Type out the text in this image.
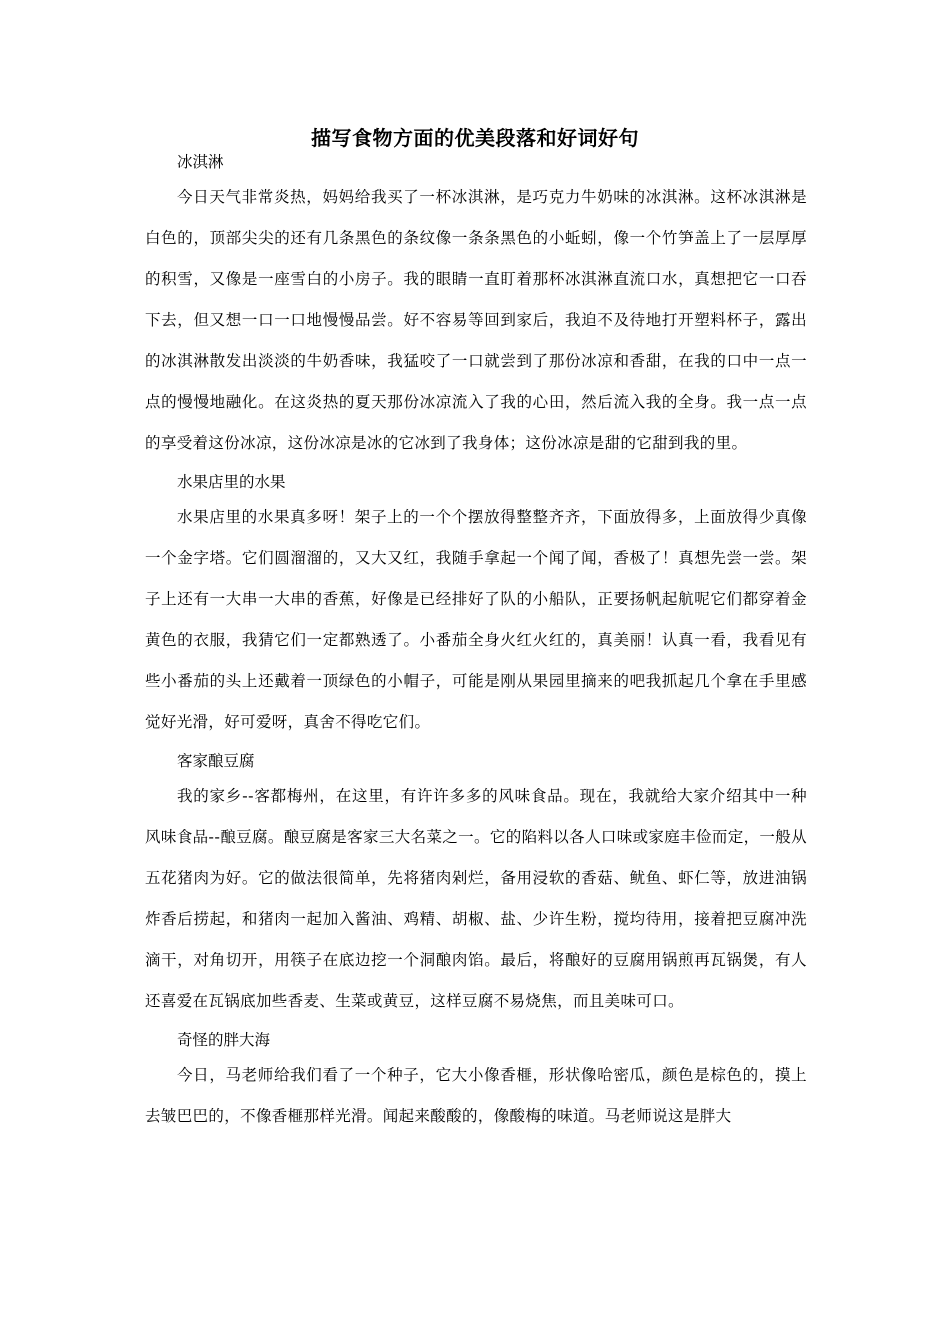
描写食物方面的优美段落和好词好句
冰淇淋

今日天气非常炎热，妈妈给我买了一杯冰淇淋，是巧克力牛奶味的冰淇淋。这杯冰淇淋是白色的，顶部尖尖的还有几条黑色的条纹像一条条黑色的小蚯蚓，像一个竹笋盖上了一层厚厚的积雪，又像是一座雪白的小房子。我的眼睛一直盯着那杯冰淇淋直流口水，真想把它一口吞下去，但又想一口一口地慢慢品尝。好不容易等回到家后，我迫不及待地打开塑料杯子，露出的冰淇淋散发出淡淡的牛奶香味，我猛咬了一口就尝到了那份冰凉和香甜，在我的口中一点一点的慢慢地融化。在这炎热的夏天那份冰凉流入了我的心田，然后流入我的全身。我一点一点的享受着这份冰凉，这份冰凉是冰的它冰到了我身体；这份冰凉是甜的它甜到我的里。

水果店里的水果

水果店里的水果真多呀！架子上的一个个摆放得整整齐齐，下面放得多，上面放得少真像一个金字塔。它们圆溜溜的，又大又红，我随手拿起一个闻了闻，香极了！真想先尝一尝。架子上还有一大串一大串的香蕉，好像是已经排好了队的小船队，正要扬帆起航呢它们都穿着金黄色的衣服，我猜它们一定都熟透了。小番茄全身火红火红的，真美丽！认真一看，我看见有些小番茄的头上还戴着一顶绿色的小帽子，可能是刚从果园里摘来的吧我抓起几个拿在手里感觉好光滑，好可爱呀，真舍不得吃它们。

客家酿豆腐

我的家乡--客都梅州，在这里，有许许多多的风味食品。现在，我就给大家介绍其中一种风味食品--酿豆腐。酿豆腐是客家三大名菜之一。它的陷料以各人口味或家庭丰俭而定，一般从五花猪肉为好。它的做法很简单，先将猪肉剁烂，备用浸软的香菇、鱿鱼、虾仁等，放进油锅炸香后捞起，和猪肉一起加入酱油、鸡精、胡椒、盐、少许生粉，搅均待用，接着把豆腐冲洗滴干，对角切开，用筷子在底边挖一个洞酿肉馅。最后，将酿好的豆腐用锅煎再瓦锅煲，有人还喜爱在瓦锅底加些香麦、生菜或黄豆，这样豆腐不易烧焦，而且美味可口。

奇怪的胖大海

今日，马老师给我们看了一个种子，它大小像香榧，形状像哈密瓜，颜色是棕色的，摸上去皱巴巴的，不像香榧那样光滑。闻起来酸酸的，像酸梅的味道。马老师说这是胖大
